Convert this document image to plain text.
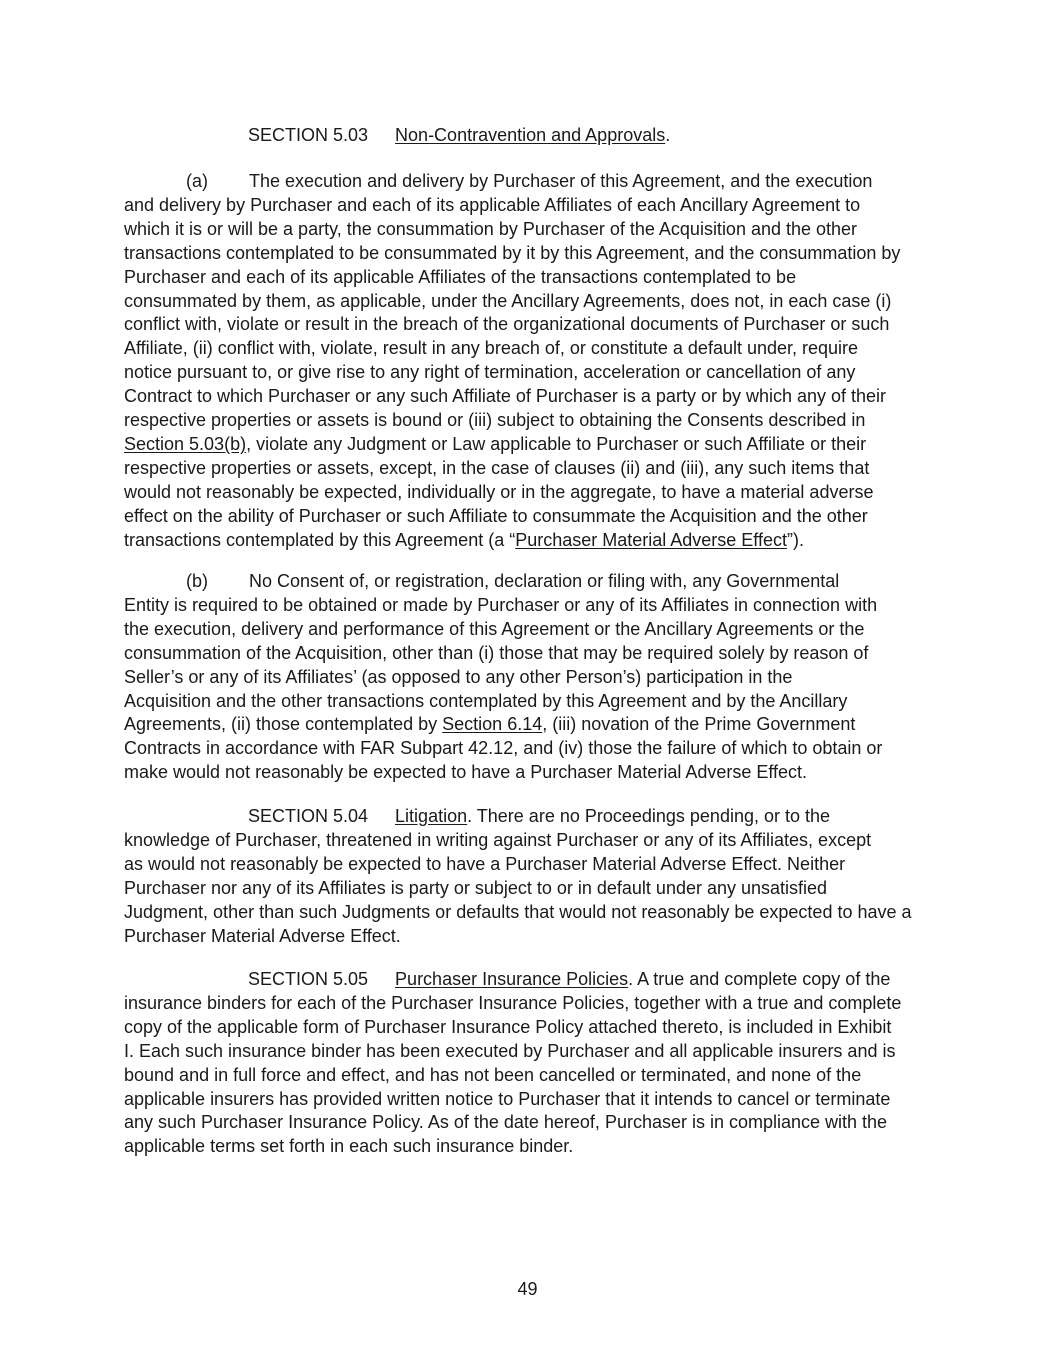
SECTION 5.03 Non-Contravention and Approvals.

(a) The execution and delivery by Purchaser of this Agreement, and the execution
and delivery by Purchaser and each of its applicable Affiliates of each Ancillary Agreement to
which it is or will be a party, the consummation by Purchaser of the Acquisition and the other
transactions contemplated to be consummated by it by this Agreement, and the consummation by
Purchaser and each of its applicable Affiliates of the transactions contemplated to be
consummated by them, as applicable, under the Ancillary Agreements, does not, in each case (i)
conflict with, violate or result in the breach of the organizational documents of Purchaser or such
Affiliate, (ii) conflict with, violate, result in any breach of, or constitute a default under, require
notice pursuant to, or give rise to any right of termination, acceleration or cancellation of any
Contract to which Purchaser or any such Affiliate of Purchaser is a party or by which any of their
respective properties or assets is bound or (iii) subject to obtaining the Consents described in
Section 5.03(b), violate any Judgment or Law applicable to Purchaser or such Affiliate or their
respective properties or assets, except, in the case of clauses (ii) and (iii), any such items that
would not reasonably be expected, individually or in the aggregate, to have a material adverse
effect on the ability of Purchaser or such Affiliate to consummate the Acquisition and the other
transactions contemplated by this Agreement (a “Purchaser Material Adverse Effect”).
(b) No Consent of, or registration, declaration or filing with, any Governmental
Entity is required to be obtained or made by Purchaser or any of its Affiliates in connection with
the execution, delivery and performance of this Agreement or the Ancillary Agreements or the
consummation of the Acquisition, other than (i) those that may be required solely by reason of
Seller’s or any of its Affiliates’ (as opposed to any other Person’s) participation in the
Acquisition and the other transactions contemplated by this Agreement and by the Ancillary
Agreements, (ii) those contemplated by Section 6.14, (iii) novation of the Prime Government
Contracts in accordance with FAR Subpart 42.12, and (iv) those the failure of which to obtain or
make would not reasonably be expected to have a Purchaser Material Adverse Effect.
SECTION 5.04 Litigation. There are no Proceedings pending, or to the
knowledge of Purchaser, threatened in writing against Purchaser or any of its Affiliates, except
as would not reasonably be expected to have a Purchaser Material Adverse Effect. Neither
Purchaser nor any of its Affiliates is party or subject to or in default under any unsatisfied
Judgment, other than such Judgments or defaults that would not reasonably be expected to have a
Purchaser Material Adverse Effect.
SECTION 5.05 Purchaser Insurance Policies. A true and complete copy of the
insurance binders for each of the Purchaser Insurance Policies, together with a true and complete
copy of the applicable form of Purchaser Insurance Policy attached thereto, is included in Exhibit
I. Each such insurance binder has been executed by Purchaser and all applicable insurers and is
bound and in full force and effect, and has not been cancelled or terminated, and none of the
applicable insurers has provided written notice to Purchaser that it intends to cancel or terminate
any such Purchaser Insurance Policy. As of the date hereof, Purchaser is in compliance with the
applicable terms set forth in each such insurance binder.

49
